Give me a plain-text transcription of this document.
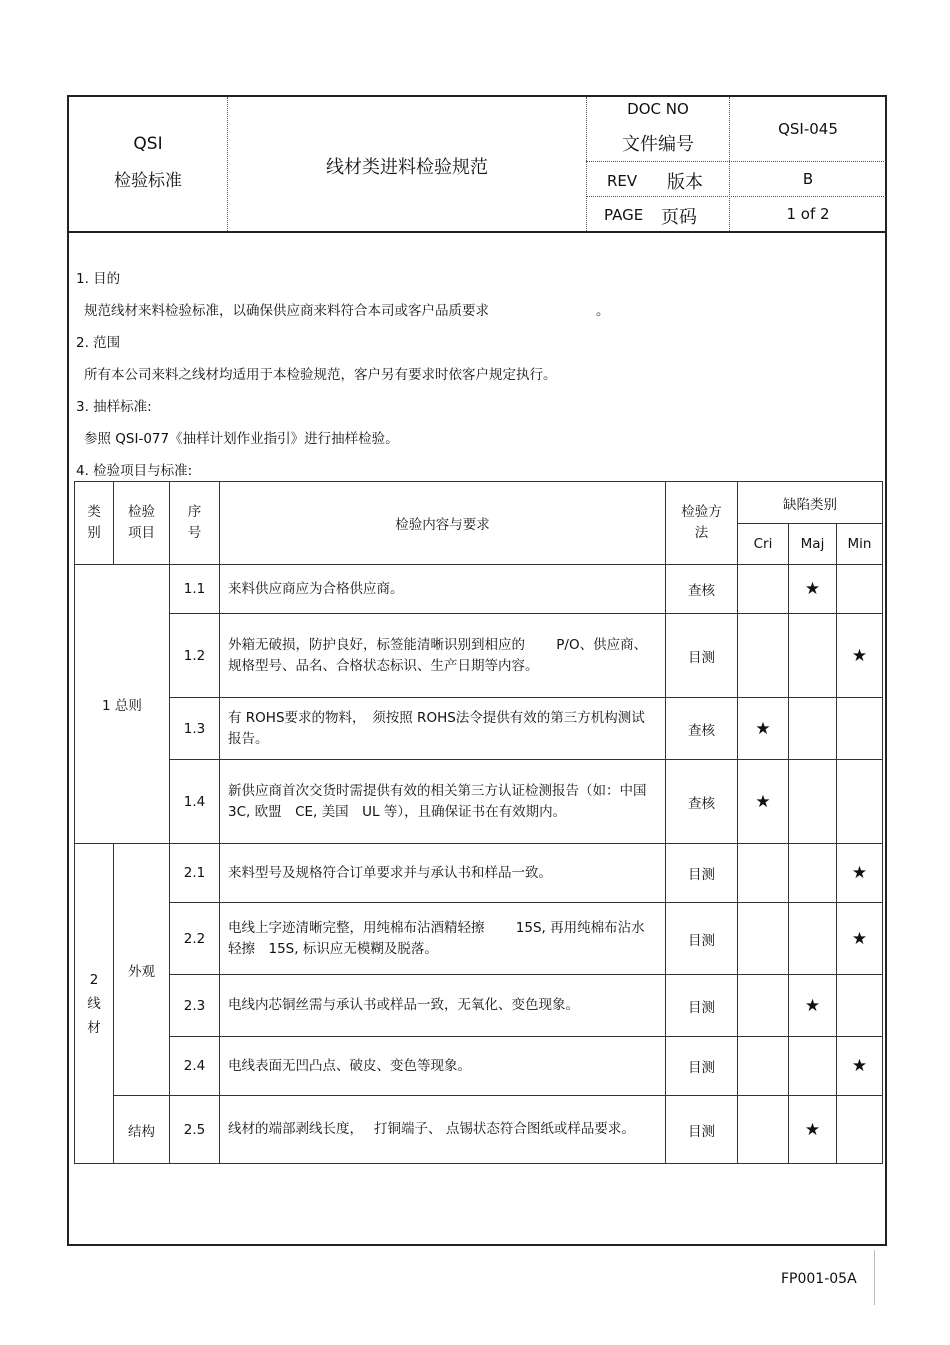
QSI
检验标准
线材类进料检验规范
DOC NO
文件编号
QSI-045
REV 版本	B
PAGE 页码	1 of 2
1. 目的
规范线材来料检验标准，以确保供应商来料符合本司或客户品质要求	。
2. 范围
所有本公司来料之线材均适用于本检验规范，客户另有要求时依客户规定执行。
3. 抽样标准:
参照 QSI-077《抽样计划作业指引》进行抽样检验。
4. 检验项目与标准:
类别	检验项目	序号	检验内容与要求	检验方法	缺陷类别		
					Cri	Maj	Min
1 总则		1.1	来料供应商应为合格供应商。	查核		★	
		1.2	外箱无破损，防护良好，标签能清晰识别到相应的　　 P/O、供应商、规格型号、品名、合格状态标识、生产日期等内容。	目测			★
		1.3	有 ROHS要求的物料，　须按照 ROHS法令提供有效的第三方机构测试报告。	查核	★		
		1.4	新供应商首次交货时需提供有效的相关第三方认证检测报告（如：中国　3C, 欧盟　CE, 美国　UL 等），且确保证书在有效期内。	查核	★		
2 线材	外观	2.1	来料型号及规格符合订单要求并与承认书和样品一致。	目测			★
		2.2	电线上字迹清晰完整，用纯棉布沾酒精轻擦　　 15S, 再用纯棉布沾水轻擦　15S, 标识应无模糊及脱落。	目测			★
		2.3	电线内芯铜丝需与承认书或样品一致，无氧化、变色现象。	目测		★	
		2.4	电线表面无凹凸点、破皮、变色等现象。	目测			★
	结构	2.5	线材的端部剥线长度，　 打铜端子、 点锡状态符合图纸或样品要求。	目测		★	
FP001-05A
